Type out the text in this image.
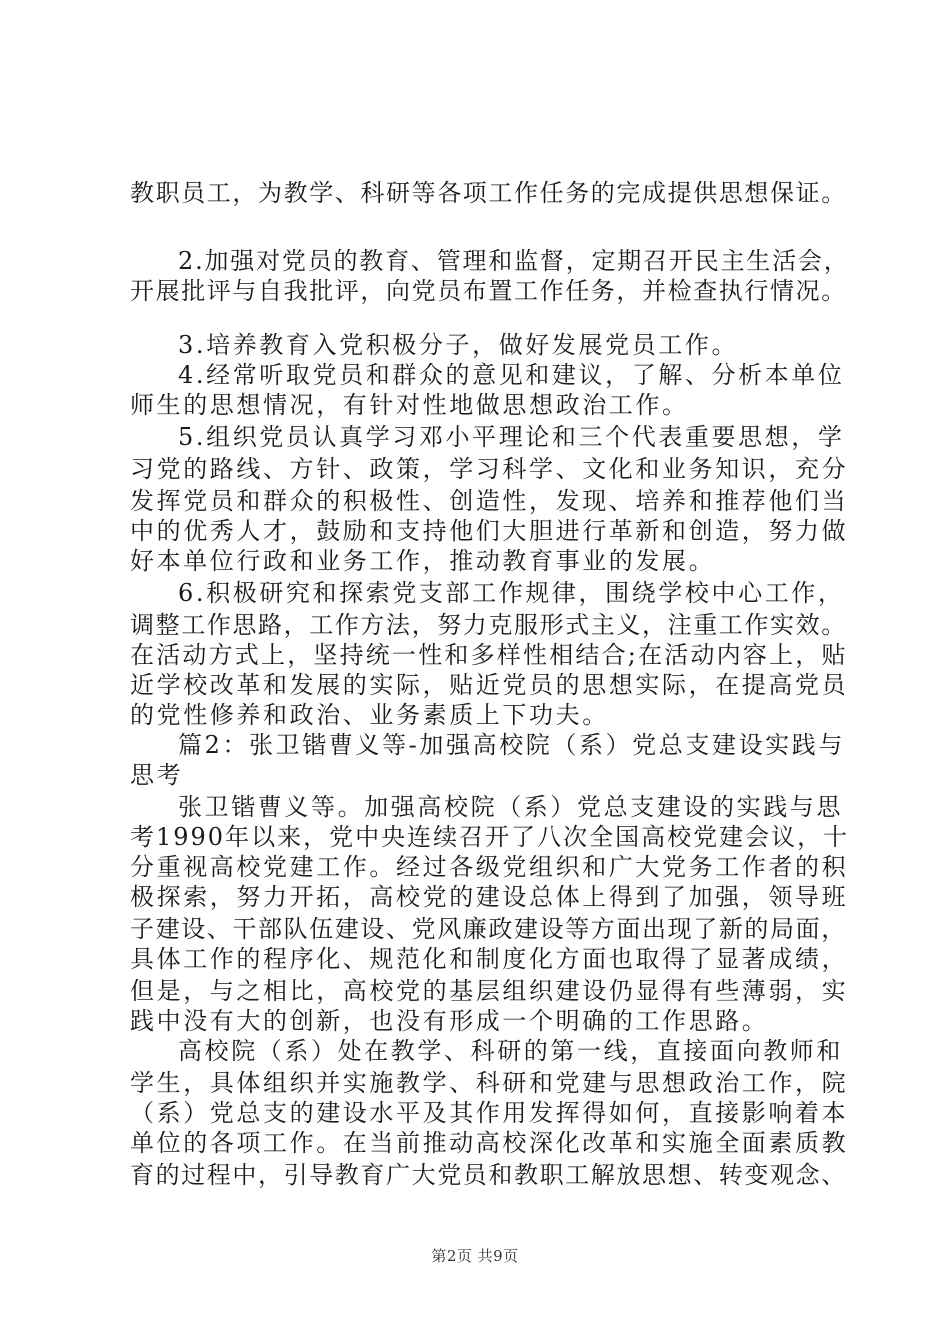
教职员工，为教学、科研等各项工作任务的完成提供思想保证。
2.加强对党员的教育、管理和监督，定期召开民主生活会，
开展批评与自我批评，向党员布置工作任务，并检查执行情况。
3.培养教育入党积极分子，做好发展党员工作。
4.经常听取党员和群众的意见和建议，了解、分析本单位
师生的思想情况，有针对性地做思想政治工作。
5.组织党员认真学习邓小平理论和三个代表重要思想，学
习党的路线、方针、政策，学习科学、文化和业务知识，充分
发挥党员和群众的积极性、创造性，发现、培养和推荐他们当
中的优秀人才，鼓励和支持他们大胆进行革新和创造，努力做
好本单位行政和业务工作，推动教育事业的发展。
6.积极研究和探索党支部工作规律，围绕学校中心工作，
调整工作思路，工作方法，努力克服形式主义，注重工作实效。
在活动方式上，坚持统一性和多样性相结合;在活动内容上，贴
近学校改革和发展的实际，贴近党员的思想实际，在提高党员
的党性修养和政治、业务素质上下功夫。
篇2：张卫锴曹义等-加强高校院（系）党总支建设实践与
思考
张卫锴曹义等。加强高校院（系）党总支建设的实践与思
考1990年以来，党中央连续召开了八次全国高校党建会议，十
分重视高校党建工作。经过各级党组织和广大党务工作者的积
极探索，努力开拓，高校党的建设总体上得到了加强，领导班
子建设、干部队伍建设、党风廉政建设等方面出现了新的局面，
具体工作的程序化、规范化和制度化方面也取得了显著成绩，
但是，与之相比，高校党的基层组织建设仍显得有些薄弱，实
践中没有大的创新，也没有形成一个明确的工作思路。
高校院（系）处在教学、科研的第一线，直接面向教师和
学生，具体组织并实施教学、科研和党建与思想政治工作，院
（系）党总支的建设水平及其作用发挥得如何，直接影响着本
单位的各项工作。在当前推动高校深化改革和实施全面素质教
育的过程中，引导教育广大党员和教职工解放思想、转变观念、
第2页 共9页
